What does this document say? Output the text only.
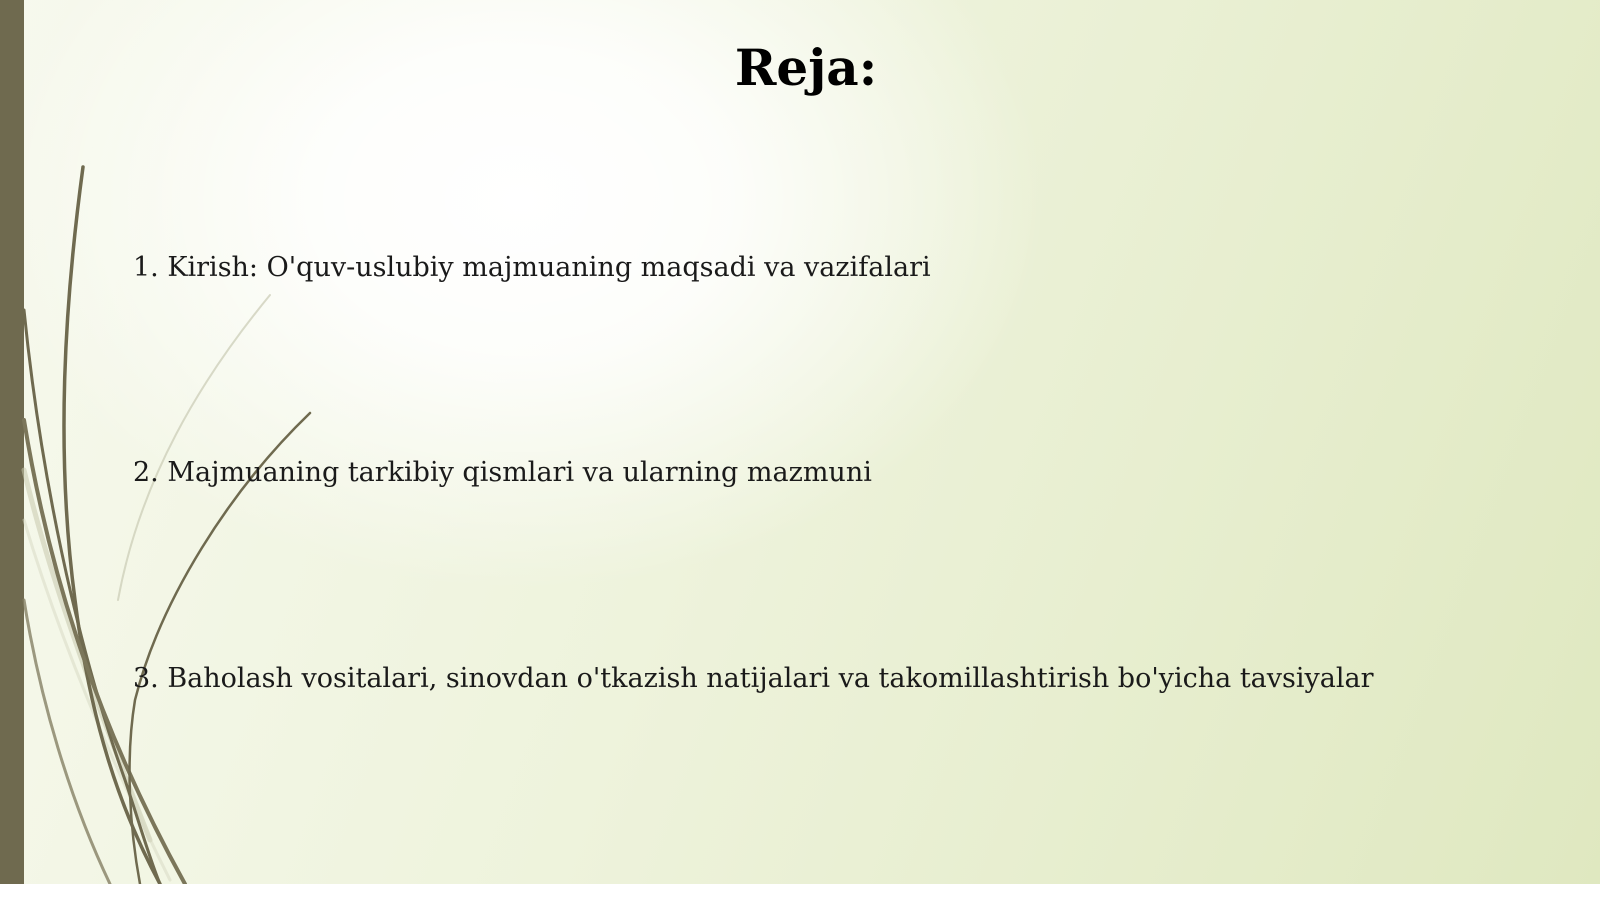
Reja:
1. Kirish: O'quv-uslubiy majmuaning maqsadi va vazifalari
2. Majmuaning tarkibiy qismlari va ularning mazmuni
3. Baholash vositalari, sinovdan o'tkazish natijalari va takomillashtirish bo'yicha tavsiyalar
